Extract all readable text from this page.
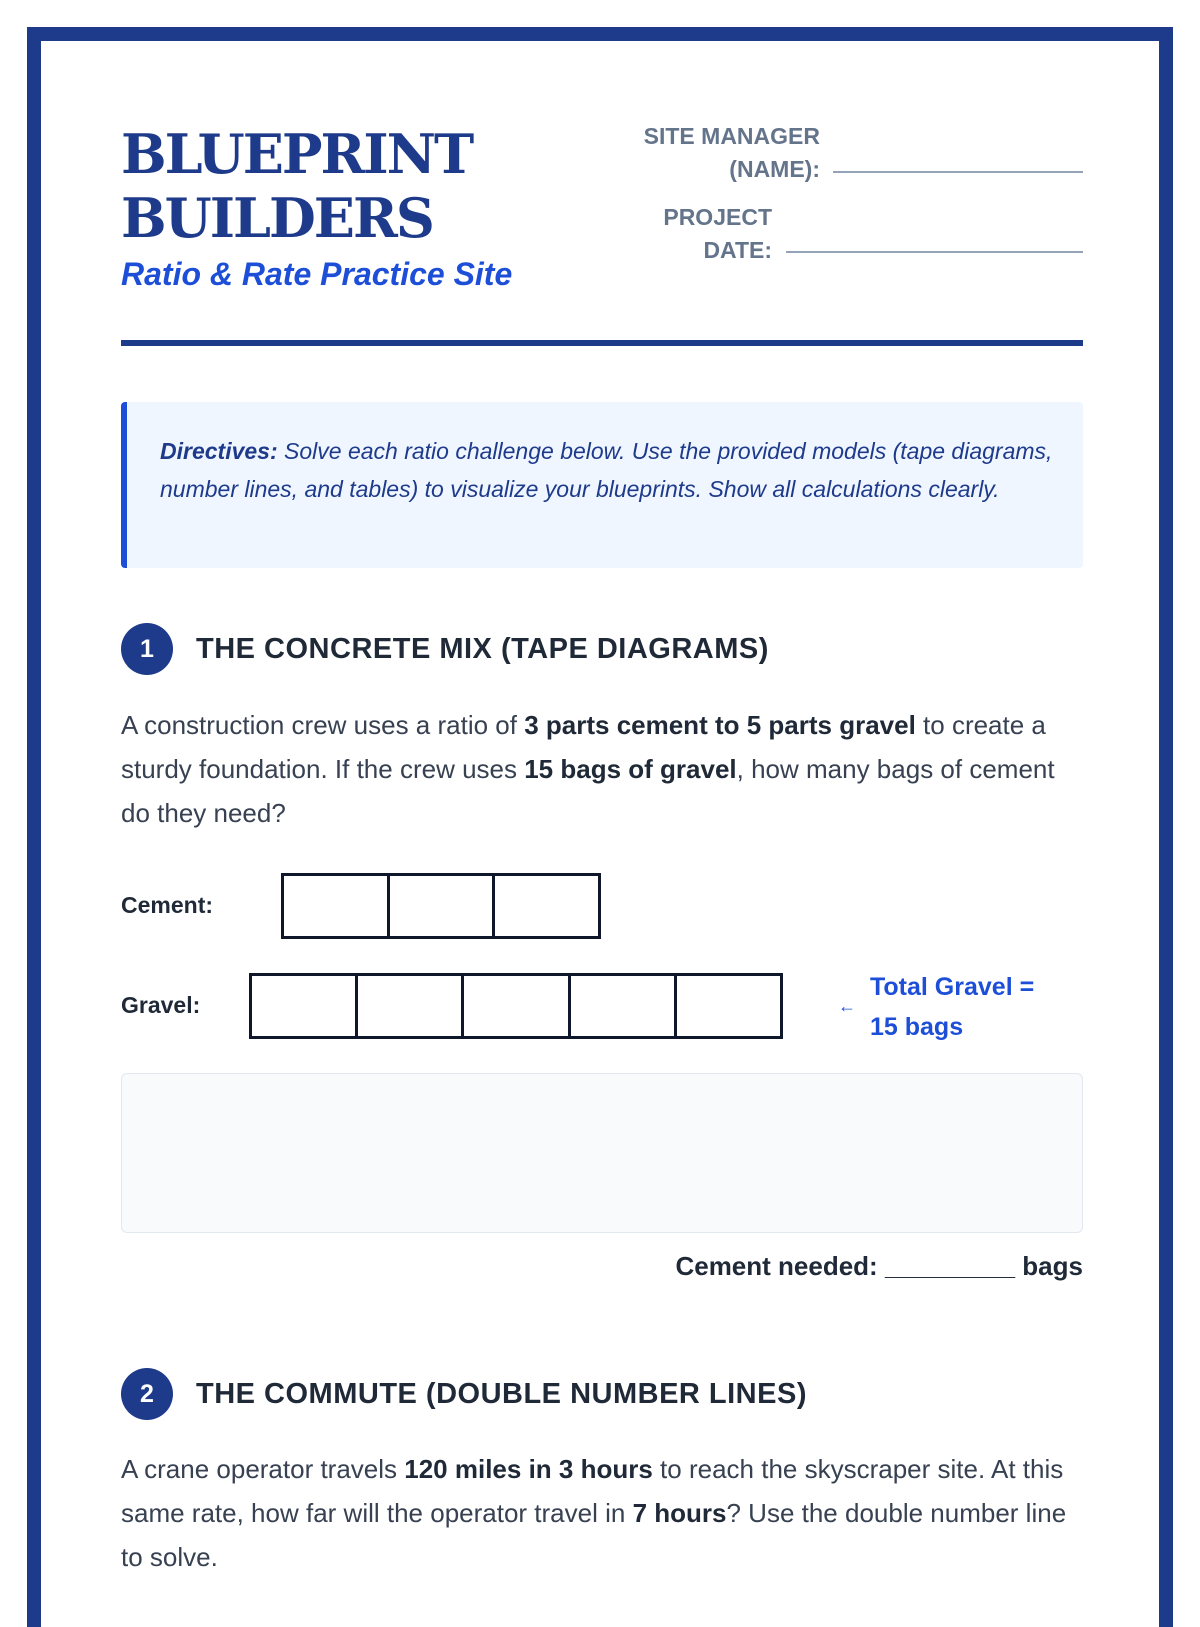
BLUEPRINT
BUILDERS
Ratio & Rate Practice Site
SITE MANAGER
(NAME):
PROJECT
DATE:
Directives: Solve each ratio challenge below. Use the provided models (tape diagrams, number lines, and tables) to visualize your blueprints. Show all calculations clearly.
1	THE CONCRETE MIX (TAPE DIAGRAMS)
A construction crew uses a ratio of 3 parts cement to 5 parts gravel to create a sturdy foundation. If the crew uses 15 bags of gravel, how many bags of cement do they need?
Cement:
Gravel:	←
Total Gravel =
15 bags
Cement needed: _________ bags
2	THE COMMUTE (DOUBLE NUMBER LINES)
A crane operator travels 120 miles in 3 hours to reach the skyscraper site. At this same rate, how far will the operator travel in 7 hours? Use the double number line to solve.
